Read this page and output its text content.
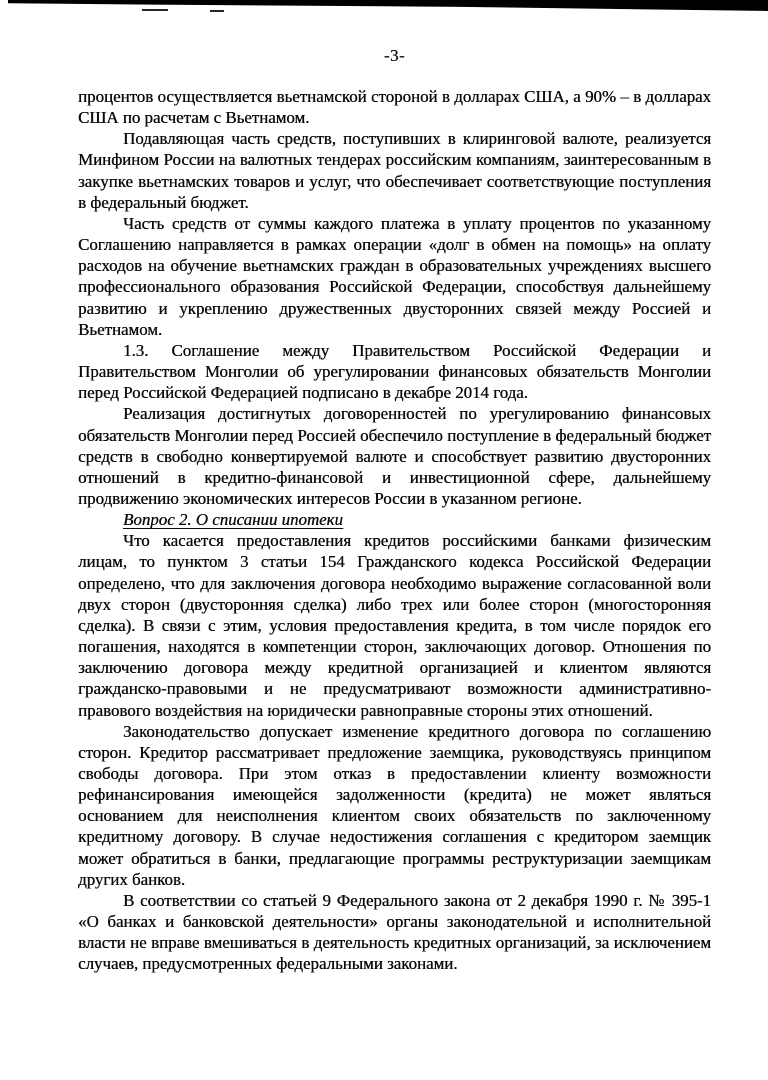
-3-

процентов осуществляется вьетнамской стороной в долларах США, а 90% – в долларах США по расчетам с Вьетнамом.

Подавляющая часть средств, поступивших в клиринговой валюте, реализуется Минфином России на валютных тендерах российским компаниям, заинтересованным в закупке вьетнамских товаров и услуг, что обеспечивает соответствующие поступления в федеральный бюджет.

Часть средств от суммы каждого платежа в уплату процентов по указанному Соглашению направляется в рамках операции «долг в обмен на помощь» на оплату расходов на обучение вьетнамских граждан в образовательных учреждениях высшего профессионального образования Российской Федерации, способствуя дальнейшему развитию и укреплению дружественных двусторонних связей между Россией и Вьетнамом.

1.3. Соглашение между Правительством Российской Федерации и Правительством Монголии об урегулировании финансовых обязательств Монголии перед Российской Федерацией подписано в декабре 2014 года.

Реализация достигнутых договоренностей по урегулированию финансовых обязательств Монголии перед Россией обеспечило поступление в федеральный бюджет средств в свободно конвертируемой валюте и способствует развитию двусторонних отношений в кредитно-финансовой и инвестиционной сфере, дальнейшему продвижению экономических интересов России в указанном регионе.

Вопрос 2. О списании ипотеки

Что касается предоставления кредитов российскими банками физическим лицам, то пунктом 3 статьи 154 Гражданского кодекса Российской Федерации определено, что для заключения договора необходимо выражение согласованной воли двух сторон (двусторонняя сделка) либо трех или более сторон (многосторонняя сделка). В связи с этим, условия предоставления кредита, в том числе порядок его погашения, находятся в компетенции сторон, заключающих договор. Отношения по заключению договора между кредитной организацией и клиентом являются гражданско-правовыми и не предусматривают возможности административно-правового воздействия на юридически равноправные стороны этих отношений.

Законодательство допускает изменение кредитного договора по соглашению сторон. Кредитор рассматривает предложение заемщика, руководствуясь принципом свободы договора. При этом отказ в предоставлении клиенту возможности рефинансирования имеющейся задолженности (кредита) не может являться основанием для неисполнения клиентом своих обязательств по заключенному кредитному договору. В случае недостижения соглашения с кредитором заемщик может обратиться в банки, предлагающие программы реструктуризации заемщикам других банков.

В соответствии со статьей 9 Федерального закона от 2 декабря 1990 г. № 395-1 «О банках и банковской деятельности» органы законодательной и исполнительной власти не вправе вмешиваться в деятельность кредитных организаций, за исключением случаев, предусмотренных федеральными законами.
